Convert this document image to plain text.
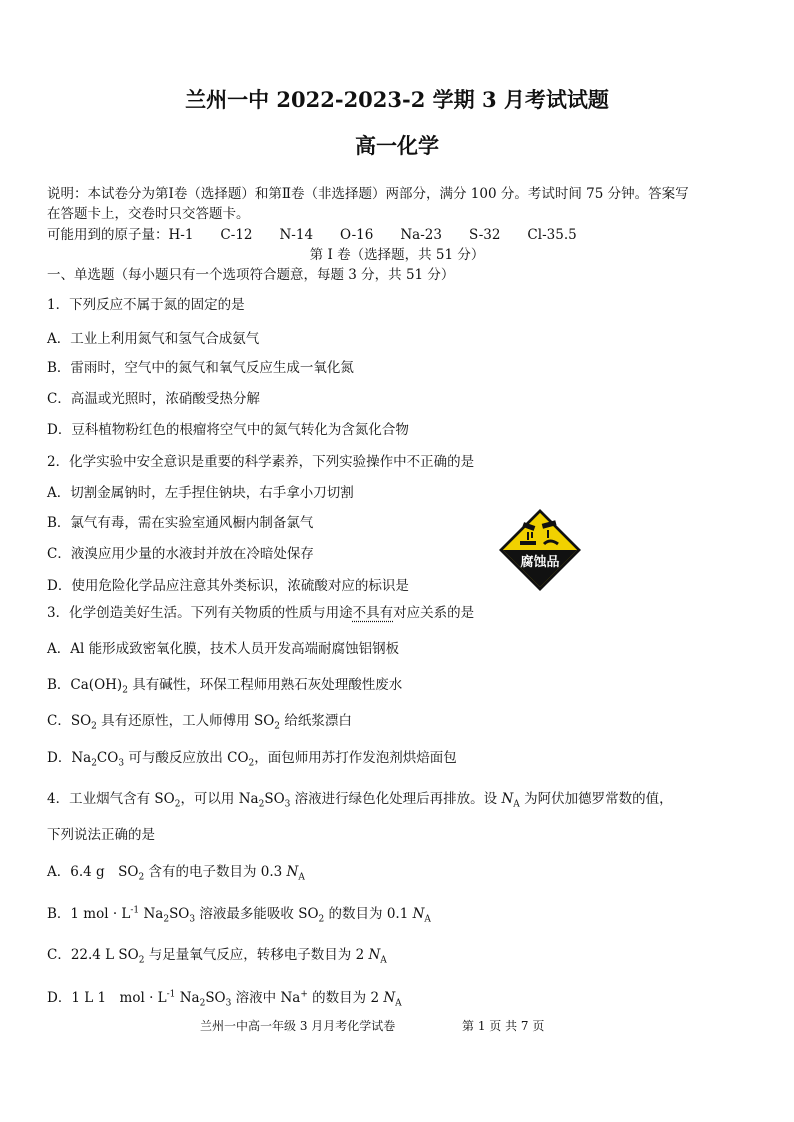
兰州一中 2022-2023-2 学期 3 月考试试题
高一化学
说明：本试卷分为第Ⅰ卷（选择题）和第Ⅱ卷（非选择题）两部分，满分 100 分。考试时间 75 分钟。答案写
在答题卡上，交卷时只交答题卡。
可能用到的原子量：H-1　　C-12　　N-14　　O-16　　Na-23　　S-32　　Cl-35.5
第 Ⅰ 卷（选择题，共 51 分）
一、单选题（每小题只有一个选项符合题意，每题 3 分，共 51 分）
1．下列反应不属于氮的固定的是
A．工业上利用氮气和氢气合成氨气
B．雷雨时，空气中的氮气和氧气反应生成一氧化氮
C．高温或光照时，浓硝酸受热分解
D．豆科植物粉红色的根瘤将空气中的氮气转化为含氮化合物
2．化学实验中安全意识是重要的科学素养，下列实验操作中不正确的是
A．切割金属钠时，左手捏住钠块，右手拿小刀切割
B．氯气有毒，需在实验室通风橱内制备氯气
C．液溴应用少量的水液封并放在冷暗处保存
D．使用危险化学品应注意其外类标识，浓硫酸对应的标识是
腐蚀品
3．化学创造美好生活。下列有关物质的性质与用途不具有对应关系的是
A．Al 能形成致密氧化膜，技术人员开发高端耐腐蚀铝钢板
B．$Ca(OH)_2$ 具有碱性，环保工程师用熟石灰处理酸性废水
C．$SO_2$ 具有还原性，工人师傅用 $SO_2$ 给纸浆漂白
D．$Na_2CO_3$ 可与酸反应放出 $CO_2$，面包师用苏打作发泡剂烘焙面包
4．工业烟气含有 $SO_2$，可以用 $Na_2SO_3$ 溶液进行绿色化处理后再排放。设 $N_A$ 为阿伏加德罗常数的值，
下列说法正确的是
A．6.4 g　$SO_2$ 含有的电子数目为 0.3 $N_A$
B．1 mol · $L^{-1}$ $Na_2SO_3$ 溶液最多能吸收 $SO_2$ 的数目为 0.1 $N_A$
C．22.4 L $SO_2$ 与足量氧气反应，转移电子数目为 2 $N_A$
D．1 L 1　mol · $L^{-1}$ $Na_2SO_3$ 溶液中 Na+ 的数目为 2 $N_A$
兰州一中高一年级 3 月月考化学试卷	第 1 页 共 7 页
